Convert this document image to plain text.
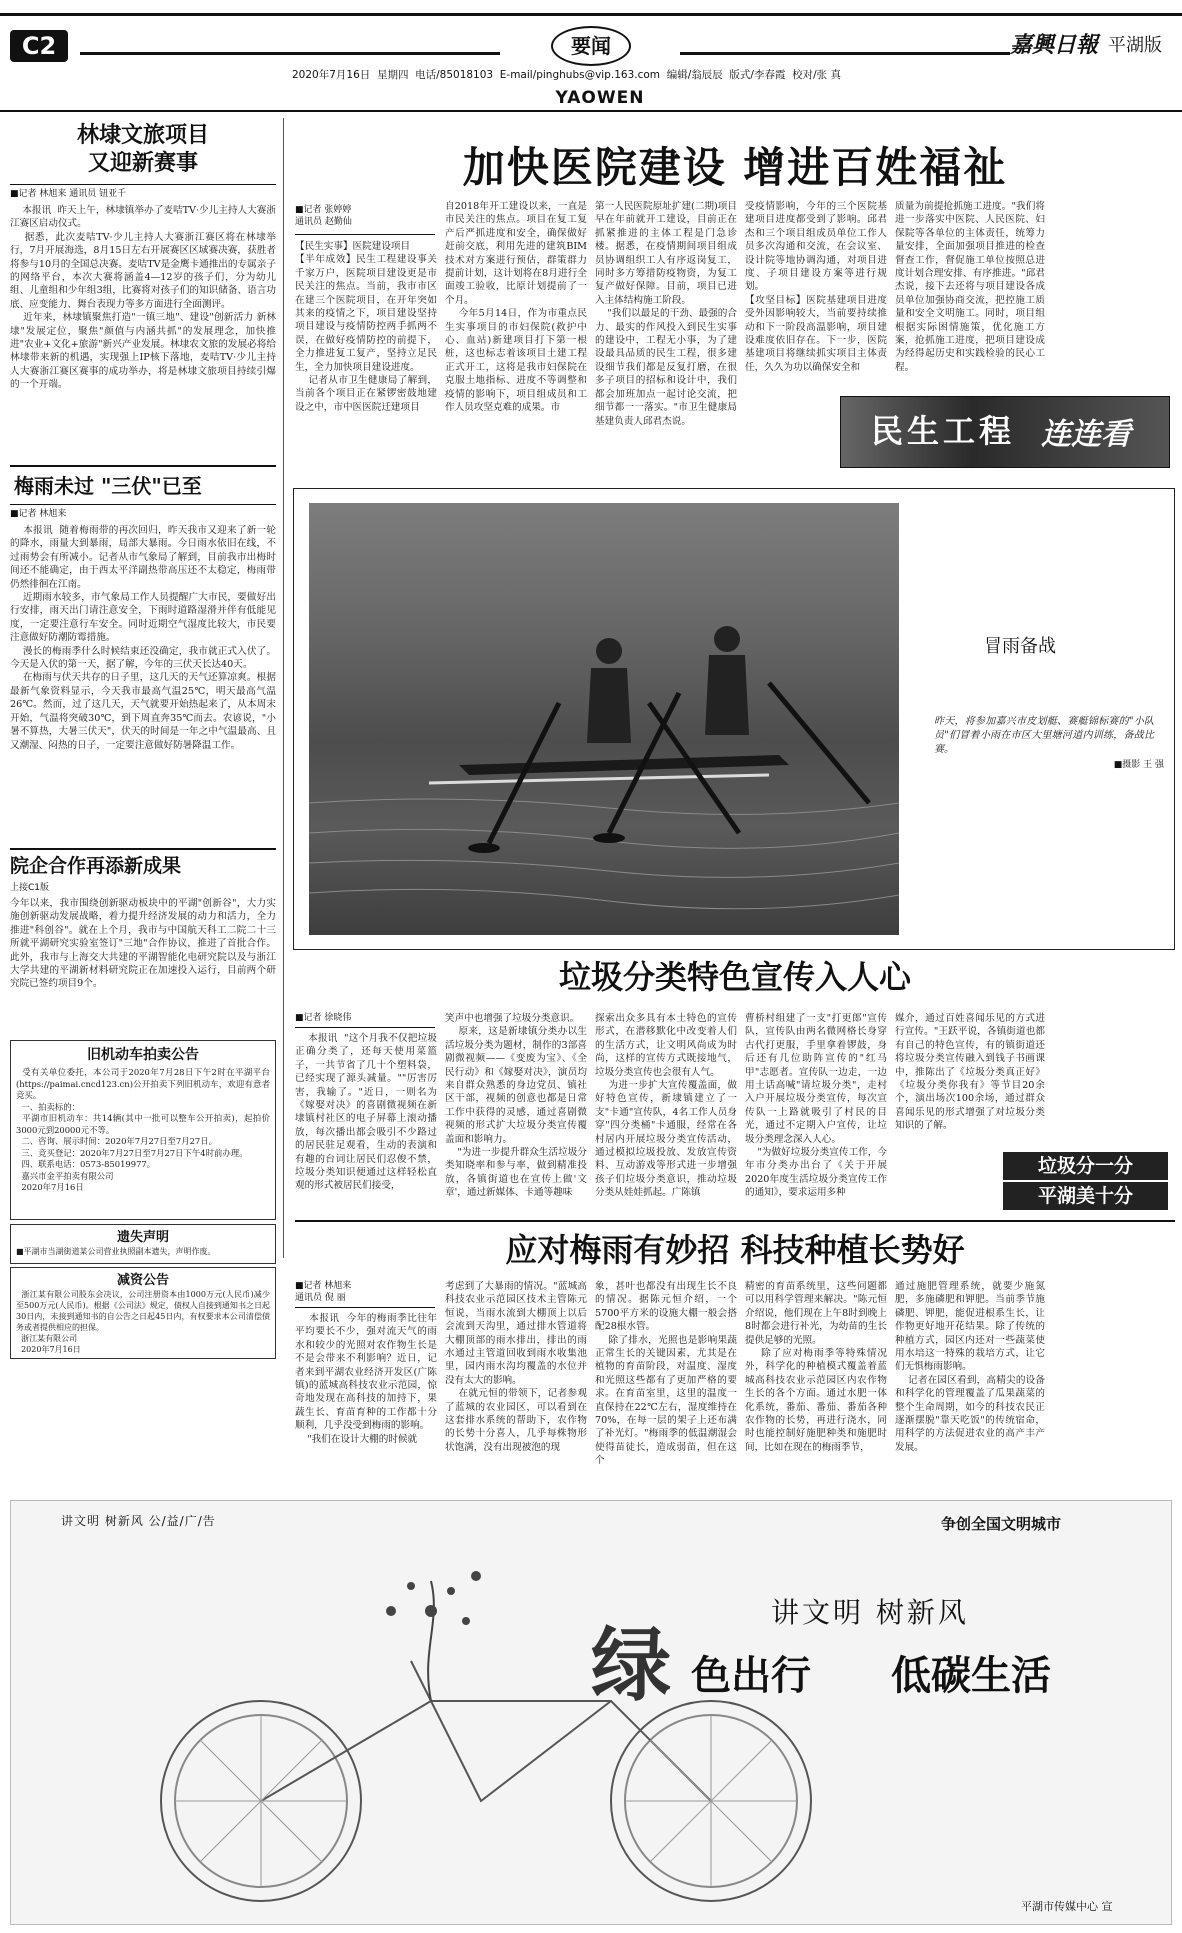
C2	要闻
2020年7月16日  星期四  电话/85018103  E-mail/pinghubs@vip.163.com  编辑/翁辰辰  版式/李春霞  校对/张 真
YAOWEN
嘉興日報 平湖版
林埭文旅项目
又迎新赛事
■记者 林旭来 通讯员 钮亚千
本报讯  昨天上午，林埭镇举办了麦咭TV·少儿主持人大赛浙江赛区启动仪式。
据悉，此次麦咭TV·少儿主持人大赛浙江赛区将在林埭举行，7月开展海选，8月15日左右开展赛区区域赛决赛，获胜者将参与10月的全国总决赛。麦咭TV是金鹰卡通推出的专属亲子的网络平台，本次大赛将涵盖4—12岁的孩子们，分为幼儿组、儿童组和少年组3组，比赛将对孩子们的知识储备、语言功底、应变能力、舞台表现力等多方面进行全面测评。
近年来，林埭镇聚焦打造"一镇三地"、建设"创新活力 新林埭"发展定位，聚焦"颜值与内涵共抓"的发展理念，加快推进"农业+文化+旅游"新兴产业发展。林埭农文旅的发展必将给林埭带来新的机遇，实现强上IP核下落地，麦咭TV·少儿主持人大赛浙江赛区赛事的成功举办，将是林埭文旅项目持续引爆的一个开端。
梅雨未过 "三伏"已至
■记者 林旭来
本报讯  随着梅雨带的再次回归，昨天我市又迎来了新一轮的降水，雨量大到暴雨，局部大暴雨。今日雨水依旧在线，不过雨势会有所减小。记者从市气象局了解到，目前我市出梅时间还不能确定，由于西太平洋副热带高压还不太稳定，梅雨带仍然徘徊在江南。
近期雨水较多，市气象局工作人员提醒广大市民，要做好出行安排，雨天出门请注意安全，下雨时道路湿滑并伴有低能见度，一定要注意行车安全。同时近期空气湿度比较大，市民要注意做好防潮防霉措施。
漫长的梅雨季什么时候结束还没确定，我市就正式入伏了。今天是入伏的第一天，据了解，今年的三伏天长达40天。
在梅雨与伏天共存的日子里，这几天的天气还算凉爽。根据最新气象资料显示，今天我市最高气温25℃，明天最高气温26℃。然而，过了这几天，天气就要开始热起来了，从本周末开始，气温将突破30℃，到下周直奔35℃而去。农谚说，"小暑不算热，大暑三伏天"，伏天的时间是一年之中气温最高、且又潮湿、闷热的日子，一定要注意做好防暑降温工作。
院企合作再添新成果
上接C1版
今年以来，我市围绕创新驱动板块中的平湖"创新谷"，大力实施创新驱动发展战略，着力提升经济发展的动力和活力，全力推进"科创谷"。就在上个月，我市与中国航天科工二院二十三所就平湖研究实验室签订"三地"合作协议，推进了首批合作。此外，我市与上海交大共建的平湖智能化电研究院以及与浙江大学共建的平湖新材料研究院正在加速投入运行，目前两个研究院已签约项目9个。
旧机动车拍卖公告
受有关单位委托，本公司于2020年7月28日下午2时在平湖平台(https://paimai.cncd123.cn)公开拍卖下列旧机动车，欢迎有意者竞买。
一、拍卖标的：
平湖市旧机动车：共14辆(其中一批可以整车公开拍卖)，起拍价3000元到20000元不等。
二、咨询、展示时间：2020年7月27日至7月27日。
三、竞买登记：2020年7月27日至7月27日下午4时前办理。
四、联系电话：0573-85019977。
嘉兴市金平拍卖有限公司
2020年7月16日
遗失声明
■平湖市当湖街道某公司营业执照副本遗失，声明作废。
减资公告
浙江某有限公司股东会决议，公司注册资本由1000万元(人民币)减少至500万元(人民币)。根据《公司法》规定，债权人自接到通知书之日起30日内，未接到通知书的自公告之日起45日内，有权要求本公司清偿债务或者提供相应的担保。
浙江某有限公司
2020年7月16日
加快医院建设 增进百姓福祉
■记者 张婷婷
通讯员 赵勤仙
【民生实事】医院建设项目
【半年成效】民生工程建设事关千家万户，医院项目建设更是市民关注的焦点。当前，我市市区在建三个医院项目，在开年突如其来的疫情之下，项目建设坚持项目建设与疫情防控两手抓两不误，在做好疫情防控的前提下，全力推进复工复产，坚持立足民生，全力加快项目建设进度。
记者从市卫生健康局了解到，当前各个项目正在紧锣密鼓地建设之中，市中医医院迁建项目
自2018年开工建设以来，一直是市民关注的焦点。项目在复工复产后严抓进度和安全，确保做好赶前交底，利用先进的建筑BIM技术对方案进行预估，群策群力提前计划，这计划将在8月进行全面竣工验收，比原计划提前了一个月。
今年5月14日，作为市重点民生实事项目的市妇保院(救护中心、血站)新建项目打下第一根桩，这也标志着该项目土建工程正式开工，这将是我市妇保院在克服土地指标、进度不等调整和疫情的影响下，项目组成员和工作人员攻坚克难的成果。市
第一人民医院原址扩建(二期)项目早在年前就开工建设，目前正在抓紧推进的主体工程是门急诊楼。据悉，在疫情期间项目组成员协调组织工人有序返岗复工，同时多方筹措防疫物资，为复工复产做好保障。目前，项目已进入主体结构施工阶段。
"我们以最足的干劲、最强的合力、最实的作风投入到民生实事的建设中，工程无小事，为了建设最具品质的民生工程，很多建设细节我们都是反复打磨，在很多子项目的招标和设计中，我们都会加班加点一起讨论交流，把细节都一一落实。"市卫生健康局基建负责人邱君杰说。
受疫情影响，今年的三个医院基建项目进度都受到了影响。邱君杰和三个项目组成员单位工作人员多次沟通和交流，在会议室、设计院等地协调沟通，对项目进度、子项目建设方案等进行规划。
【攻坚目标】医院基建项目进度受外因影响较大，当前要持续推动和下一阶段高温影响，项目建设难度依旧存在。下一步，医院基建项目将继续抓实项目主体责任，久久为功以确保安全和
质量为前提抢抓施工进度。"我们将进一步落实中医院、人民医院、妇保院等各单位的主体责任，统筹力量安排，全面加强项目推进的检查督查工作，督促施工单位按照总进度计划合理安排、有序推进。"邱君杰说，接下去还将与项目建设各成员单位加强协商交流，把控施工质量和安全文明施工。同时，项目组根据实际困情施策，优化施工方案，抢抓施工进度，把项目建设成为经得起历史和实践检验的民心工程。
民生工程 连连看
冒雨备战
昨天，将参加嘉兴市皮划艇、赛艇锦标赛的"小队员"们冒着小雨在市区大里塘河道内训练，备战比赛。
■摄影 王 强
垃圾分类特色宣传入人心
■记者 徐晓伟
本报讯  "这个月我不仅把垃圾正确分类了，还每天使用菜篮子，一共节省了几十个塑料袋，已经实现了源头减量。""厉害厉害，我输了。"近日，一则名为《嫁娶对决》的喜剧微视频在新埭镇村社区的电子屏幕上滚动播放，每次播出都会吸引不少路过的居民驻足观看，生动的表演和有趣的台词让居民们忍俊不禁，垃圾分类知识便通过这样轻松直观的形式被居民们接受，
笑声中也增强了垃圾分类意识。
原来，这是新埭镇分类办以生活垃圾分类为题材，制作的3部喜剧微视频——《变废为宝》、《全民行动》和《嫁娶对决》，演员均来自群众熟悉的身边党员、镇社区干部，视频的创意也都是日常工作中获得的灵感，通过喜剧微视频的形式扩大垃圾分类宣传覆盖面和影响力。
"为进一步提升群众生活垃圾分类知晓率和参与率，做到精准投放，各镇街道也在宣传上做'文章'，通过新媒体、卡通等趣味
探索出众多具有本土特色的宣传形式，在潜移默化中改变着人们的生活方式，让文明风尚成为时尚，这样的宣传方式既接地气，垃圾分类宣传也会很有人气。
为进一步扩大宣传覆盖面，做好特色宣传，新埭镇建立了一支"卡通"宣传队，4名工作人员身穿"四分类桶"卡通服，经常在各村居内开展垃圾分类宣传活动，通过模拟垃圾投放、发放宣传资料、互动游戏等形式进一步增强孩子们垃圾分类意识，推动垃圾分类从娃娃抓起。广陈镇
曹桥村组建了一支"打更郎"宣传队，宣传队由两名微网格长身穿古代打更服，手里拿着锣鼓，身后还有几位助阵宣传的"红马甲"志愿者。宣传队一边走，一边用土话高喊"请垃圾分类"，走村入户开展垃圾分类宣传，每次宣传队一上路就吸引了村民的目光，通过不定期入户宣传，让垃圾分类理念深入人心。
"为做好垃圾分类宣传工作，今年市分类办出台了《关于开展2020年度生活垃圾分类宣传工作的通知》，要求运用多种
媒介，通过百姓喜闻乐见的方式进行宣传。"王跃平说，各镇街道也都有自己的特色宣传，有的镇街道还将垃圾分类宣传融入到钱子书画课中，推陈出了《垃圾分类真正好》《垃圾分类你我有》等节目20余个，演出场次100余场，通过群众喜闻乐见的形式增强了对垃圾分类知识的了解。
垃圾分一分
平湖美十分
应对梅雨有妙招 科技种植长势好
■记者 林旭来
通讯员 倪 丽
本报讯  今年的梅雨季比往年平均要长不少，强对流天气的雨水和较少的光照对农作物生长是不是会带来不利影响？近日，记者来到平湖农业经济开发区(广陈镇)的蓝城高科技农业示范园，惊奇地发现在高科技的加持下，果蔬生长、育苗育种的工作都十分顺利，几乎没受到梅雨的影响。
"我们在设计大棚的时候就
考虑到了大暴雨的情况。"蓝城高科技农业示范园区技术主管陈元恒说，当雨水流到大棚顶上以后会流到天沟里，通过排水管道将大棚顶部的雨水排出，排出的雨水通过主管道回收到雨水收集池里，园内雨水沟均覆盖的水位并没有太大的影响。
在就元恒的带领下，记者参观了蓝城的农业园区，可以看到在这套排水系统的帮助下，农作物的长势十分喜人，几乎每株物形状饱满，没有出现被泡的现
象，甚叶也都没有出现生长不良的情况。据陈元恒介绍，一个5700平方米的设施大棚一般会搭配28根水管。
除了排水，光照也是影响果蔬正常生长的关键因素，尤其是在植物的育苗阶段，对温度、湿度和光照这些都有了更加严格的要求。在育苗室里，这里的温度一直保持在22℃左右，湿度维持在70%，在每一层的架子上还布满了补光灯。"梅雨季的低温潮湿会使得苗徒长，造成弱苗，但在这个
精密的育苗系统里，这些问题都可以用科学管理来解决。"陈元恒介绍说，他们现在上午8时到晚上8时都会进行补光，为幼苗的生长提供足够的光照。
除了应对梅雨季等特殊情况外，科学化的种植模式覆盖着蓝城高科技农业示范园区内农作物生长的各个方面。通过水肥一体化系统，番茄、番茄、番茄各种农作物的长势，再进行浇水，同时也能控制好施肥种类和施肥时间，比如在现在的梅雨季节，
通过施肥管理系统，就要少施氮肥，多施磷肥和钾肥。当前季节施磷肥、钾肥，能促进根系生长，让作物更好地开花结果。除了传统的种植方式，园区内还对一些蔬菜使用水培这一特殊的栽培方式，让它们无惧梅雨影响。
记者在园区看到，高精尖的设备和科学化的管理覆盖了瓜果蔬菜的整个生命周期，如今的科技农民正逐渐摆脱"靠天吃饭"的传统宿命，用科学的方法促进农业的高产丰产发展。
讲文明 树新风 公/益/广/告	争创全国文明城市
讲文明 树新风
绿 色出行 低碳生活
平湖市传媒中心 宣
